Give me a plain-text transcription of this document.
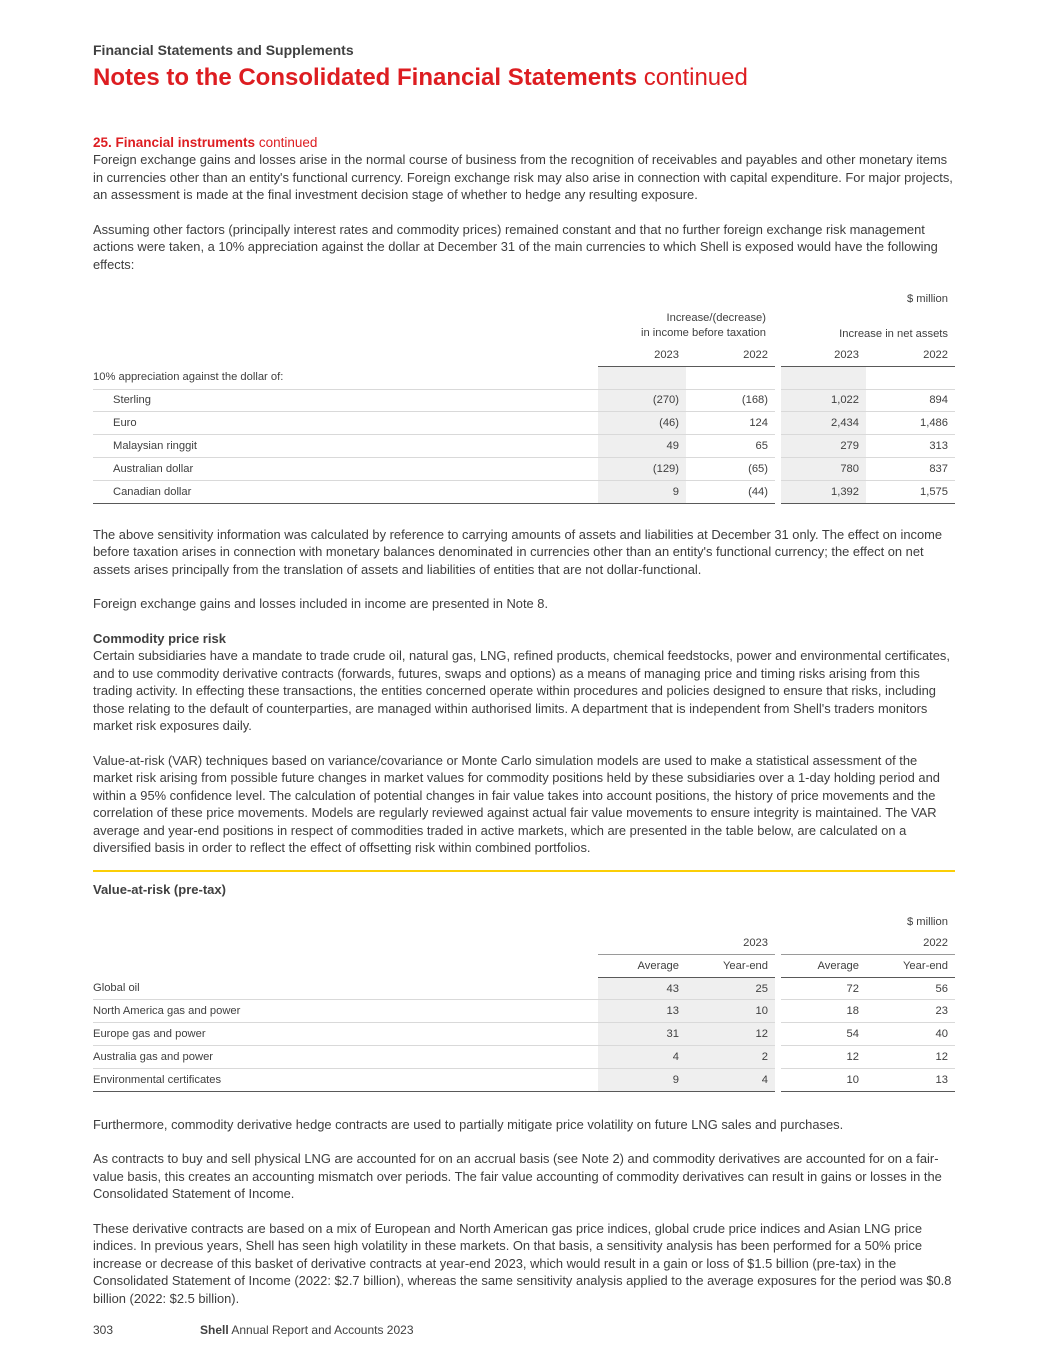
Financial Statements and Supplements
Notes to the Consolidated Financial Statements continued
25. Financial instruments continued

Foreign exchange gains and losses arise in the normal course of business from the recognition of receivables and payables and other monetary items in currencies other than an entity's functional currency. Foreign exchange risk may also arise in connection with capital expenditure. For major projects, an assessment is made at the final investment decision stage of whether to hedge any resulting exposure.

Assuming other factors (principally interest rates and commodity prices) remained constant and that no further foreign exchange risk management actions were taken, a 10% appreciation against the dollar at December 31 of the main currencies to which Shell is exposed would have the following effects:

$ million

	Increase/(decrease)
in income before taxation		Increase in net assets	
	2023	2022	2023	2022
10% appreciation against the dollar of:				
Sterling	(270)	(168)	1,022	894
Euro	(46)	124	2,434	1,486
Malaysian ringgit	49	65	279	313
Australian dollar	(129)	(65)	780	837
Canadian dollar	9	(44)	1,392	1,575

The above sensitivity information was calculated by reference to carrying amounts of assets and liabilities at December 31 only. The effect on income before taxation arises in connection with monetary balances denominated in currencies other than an entity's functional currency; the effect on net assets arises principally from the translation of assets and liabilities of entities that are not dollar-functional.

Foreign exchange gains and losses included in income are presented in Note 8.

Commodity price risk

Certain subsidiaries have a mandate to trade crude oil, natural gas, LNG, refined products, chemical feedstocks, power and environmental certificates, and to use commodity derivative contracts (forwards, futures, swaps and options) as a means of managing price and timing risks arising from this trading activity. In effecting these transactions, the entities concerned operate within procedures and policies designed to ensure that risks, including those relating to the default of counterparties, are managed within authorised limits. A department that is independent from Shell's traders monitors market risk exposures daily.

Value-at-risk (VAR) techniques based on variance/covariance or Monte Carlo simulation models are used to make a statistical assessment of the market risk arising from possible future changes in market values for commodity positions held by these subsidiaries over a 1-day holding period and within a 95% confidence level. The calculation of potential changes in fair value takes into account positions, the history of price movements and the correlation of these price movements. Models are regularly reviewed against actual fair value movements to ensure integrity is maintained. The VAR average and year-end positions in respect of commodities traded in active markets, which are presented in the table below, are calculated on a diversified basis in order to reflect the effect of offsetting risk within combined portfolios.

Value-at-risk (pre-tax)
$ million
	2023		2022	
	Average	Year-end	Average	Year-end
Global oil	43	25	72	56
North America gas and power	13	10	18	23
Europe gas and power	31	12	54	40
Australia gas and power	4	2	12	12
Environmental certificates	9	4	10	13

Furthermore, commodity derivative hedge contracts are used to partially mitigate price volatility on future LNG sales and purchases.

As contracts to buy and sell physical LNG are accounted for on an accrual basis (see Note 2) and commodity derivatives are accounted for on a fair-value basis, this creates an accounting mismatch over periods. The fair value accounting of commodity derivatives can result in gains or losses in the Consolidated Statement of Income.

These derivative contracts are based on a mix of European and North American gas price indices, global crude price indices and Asian LNG price indices. In previous years, Shell has seen high volatility in these markets. On that basis, a sensitivity analysis has been performed for a 50% price increase or decrease of this basket of derivative contracts at year-end 2023, which would result in a gain or loss of $1.5 billion (pre-tax) in the Consolidated Statement of Income (2022: $2.7 billion), whereas the same sensitivity analysis applied to the average exposures for the period was $0.8 billion (2022: $2.5 billion).

303	Shell Annual Report and Accounts 2023
